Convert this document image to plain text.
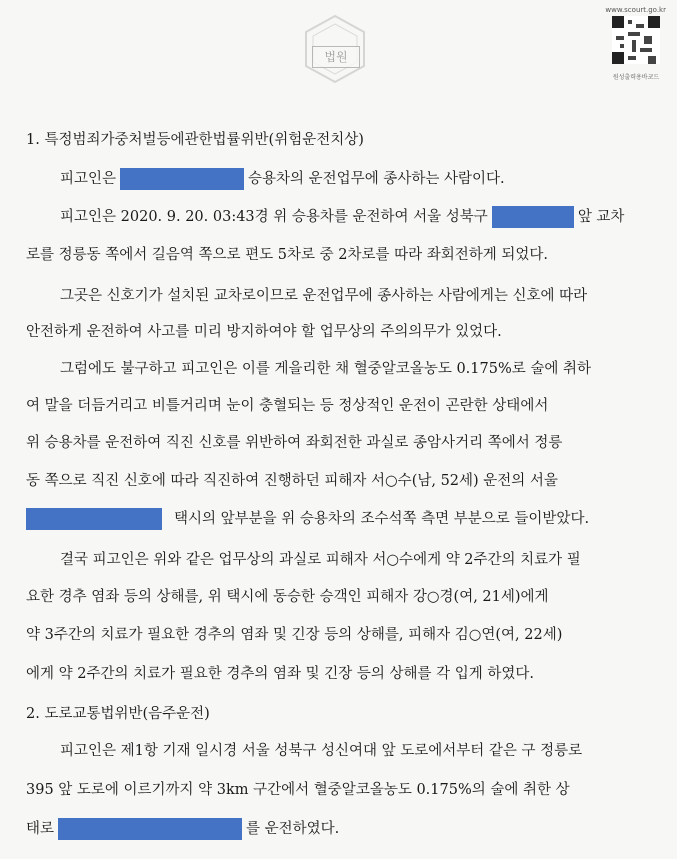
법원
www.scourt.go.kr
원성출력용바코드
1. 특정범죄가중처벌등에관한법률위반(위험운전치상)
피고인은	승용차의 운전업무에 종사하는 사람이다.
피고인은 2020. 9. 20. 03:43경 위 승용차를 운전하여 서울 성북구	앞 교차
로를 정릉동 쪽에서 길음역 쪽으로 편도 5차로 중 2차로를 따라 좌회전하게 되었다.
그곳은 신호기가 설치된 교차로이므로 운전업무에 종사하는 사람에게는 신호에 따라
안전하게 운전하여 사고를 미리 방지하여야 할 업무상의 주의의무가 있었다.
그럼에도 불구하고 피고인은 이를 게을리한 채 혈중알코올농도 0.175%로 술에 취하
여 말을 더듬거리고 비틀거리며 눈이 충혈되는 등 정상적인 운전이 곤란한 상태에서
위 승용차를 운전하여 직진 신호를 위반하여 좌회전한 과실로 종암사거리 쪽에서 정릉
동 쪽으로 직진 신호에 따라 직진하여 진행하던 피해자 서○수(남, 52세) 운전의 서울
택시의 앞부분을 위 승용차의 조수석쪽 측면 부분으로 들이받았다.
결국 피고인은 위와 같은 업무상의 과실로 피해자 서○수에게 약 2주간의 치료가 필
요한 경추 염좌 등의 상해를, 위 택시에 동승한 승객인 피해자 강○경(여, 21세)에게
약 3주간의 치료가 필요한 경추의 염좌 및 긴장 등의 상해를, 피해자 김○연(여, 22세)
에게 약 2주간의 치료가 필요한 경추의 염좌 및 긴장 등의 상해를 각 입게 하였다.
2. 도로교통법위반(음주운전)
피고인은 제1항 기재 일시경 서울 성북구 성신여대 앞 도로에서부터 같은 구 정릉로
395 앞 도로에 이르기까지 약 3km 구간에서 혈중알코올농도 0.175%의 술에 취한 상
태로	를 운전하였다.
